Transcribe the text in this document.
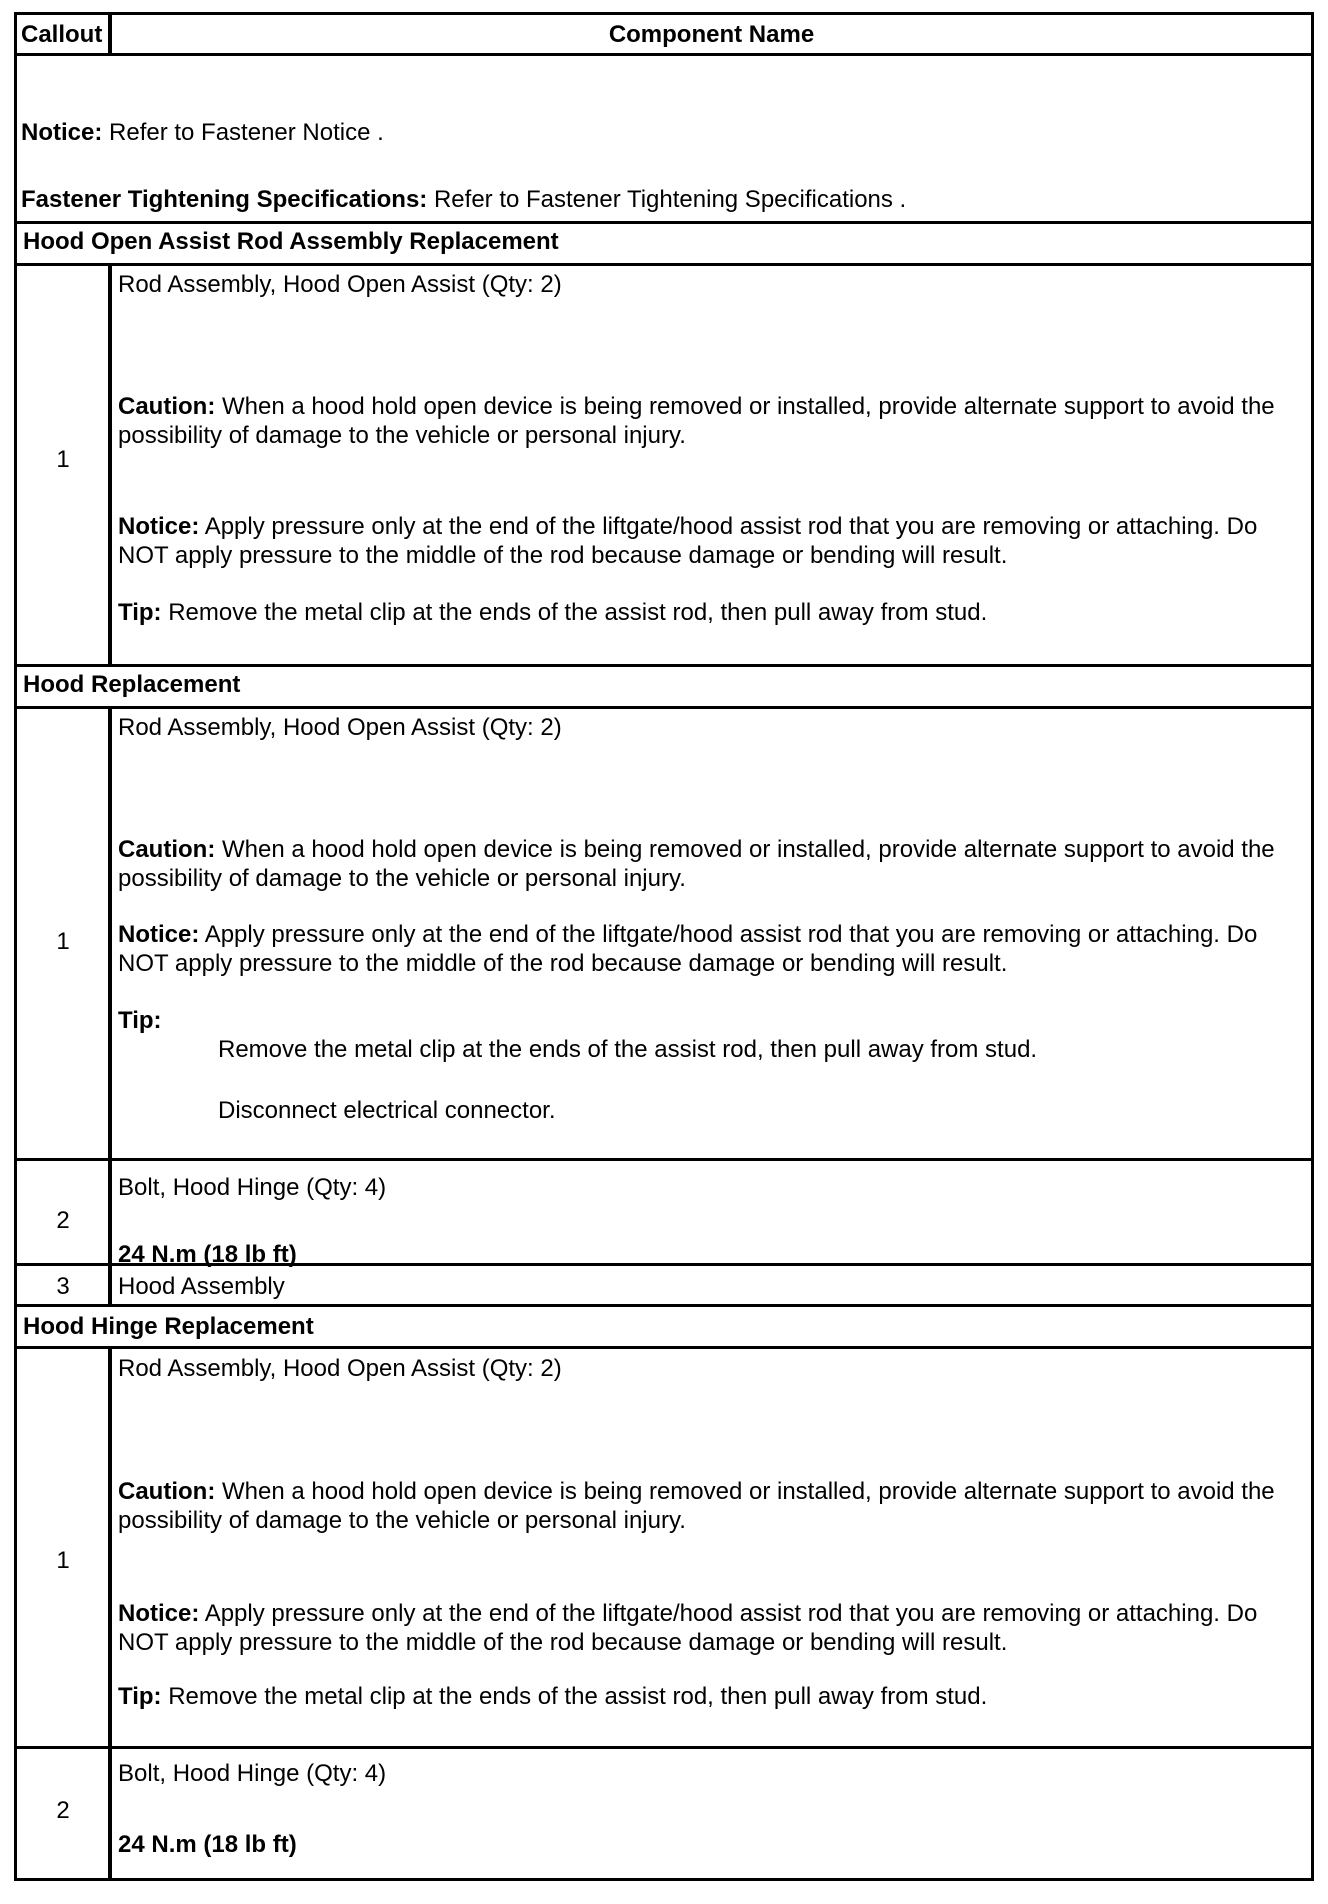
Callout	Component Name
Notice: Refer to Fastener Notice .
Fastener Tightening Specifications: Refer to Fastener Tightening Specifications .
Hood Open Assist Rod Assembly Replacement
1
Rod Assembly, Hood Open Assist (Qty: 2)
Caution: When a hood hold open device is being removed or installed, provide alternate support to avoid the possibility of damage to the vehicle or personal injury.
Notice: Apply pressure only at the end of the liftgate/hood assist rod that you are removing or attaching. Do NOT apply pressure to the middle of the rod because damage or bending will result.
Tip: Remove the metal clip at the ends of the assist rod, then pull away from stud.
Hood Replacement
1
Rod Assembly, Hood Open Assist (Qty: 2)
Caution: When a hood hold open device is being removed or installed, provide alternate support to avoid the possibility of damage to the vehicle or personal injury.
Notice: Apply pressure only at the end of the liftgate/hood assist rod that you are removing or attaching. Do NOT apply pressure to the middle of the rod because damage or bending will result.
Tip:
Remove the metal clip at the ends of the assist rod, then pull away from stud.
Disconnect electrical connector.
2
Bolt, Hood Hinge (Qty: 4)
24 N.m (18 lb ft)
3	Hood Assembly
Hood Hinge Replacement
1
Rod Assembly, Hood Open Assist (Qty: 2)
Caution: When a hood hold open device is being removed or installed, provide alternate support to avoid the possibility of damage to the vehicle or personal injury.
Notice: Apply pressure only at the end of the liftgate/hood assist rod that you are removing or attaching. Do NOT apply pressure to the middle of the rod because damage or bending will result.
Tip: Remove the metal clip at the ends of the assist rod, then pull away from stud.
2
Bolt, Hood Hinge (Qty: 4)
24 N.m (18 lb ft)
